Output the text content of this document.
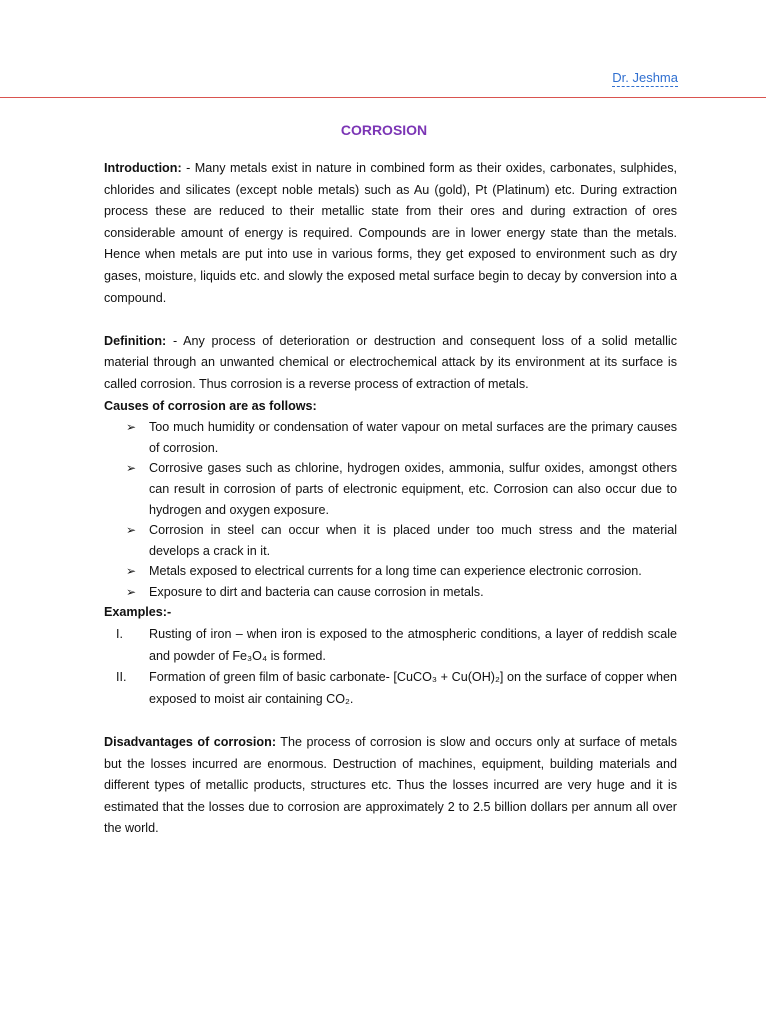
Dr. Jeshma
CORROSION

Introduction: - Many metals exist in nature in combined form as their oxides, carbonates, sulphides, chlorides and silicates (except noble metals) such as Au (gold), Pt (Platinum) etc. During extraction process these are reduced to their metallic state from their ores and during extraction of ores considerable amount of energy is required. Compounds are in lower energy state than the metals. Hence when metals are put into use in various forms, they get exposed to environment such as dry gases, moisture, liquids etc. and slowly the exposed metal surface begin to decay by conversion into a compound.

Definition: - Any process of deterioration or destruction and consequent loss of a solid metallic material through an unwanted chemical or electrochemical attack by its environment at its surface is called corrosion. Thus corrosion is a reverse process of extraction of metals.

Causes of corrosion are as follows:

➢ Too much humidity or condensation of water vapour on metal surfaces are the primary causes of corrosion.
➢ Corrosive gases such as chlorine, hydrogen oxides, ammonia, sulfur oxides, amongst others can result in corrosion of parts of electronic equipment, etc. Corrosion can also occur due to hydrogen and oxygen exposure.
➢ Corrosion in steel can occur when it is placed under too much stress and the material develops a crack in it.
➢ Metals exposed to electrical currents for a long time can experience electronic corrosion.
➢ Exposure to dirt and bacteria can cause corrosion in metals.

Examples:-

I. Rusting of iron – when iron is exposed to the atmospheric conditions, a layer of reddish scale and powder of Fe₃O₄ is formed.
II. Formation of green film of basic carbonate- [CuCO₃ + Cu(OH)₂] on the surface of copper when exposed to moist air containing CO₂.

Disadvantages of corrosion: The process of corrosion is slow and occurs only at surface of metals but the losses incurred are enormous. Destruction of machines, equipment, building materials and different types of metallic products, structures etc. Thus the losses incurred are very huge and it is estimated that the losses due to corrosion are approximately 2 to 2.5 billion dollars per annum all over the world.
